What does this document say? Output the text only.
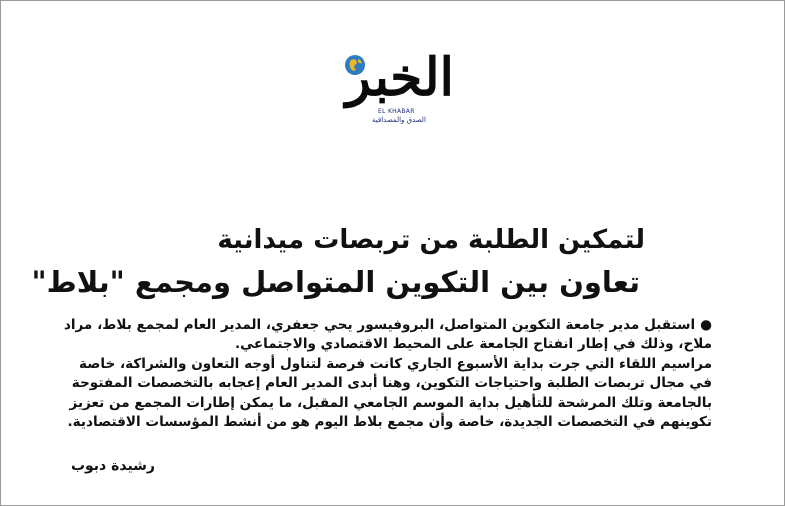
الخبر
EL KHABAR
الصدق والمصداقية
لتمكين الطلبة من تربصات ميدانية
تعاون بين التكوين المتواصل ومجمع "بلاط"

●استقبل مدير جامعة التكوين المتواصل، البروفيسور يحي جعفري، المدير العام لمجمع بلاط، مراد ملاح، وذلك في إطار انفتاح الجامعة على المحيط الاقتصادي والاجتماعي.

مراسيم اللقاء التي جرت بداية الأسبوع الجاري كانت فرصة لتناول أوجه التعاون والشراكة، خاصة في مجال تربصات الطلبة واحتياجات التكوين، وهنا أبدى المدير العام إعجابه بالتخصصات المفتوحة بالجامعة وتلك المرشحة للتأهيل بداية الموسم الجامعي المقبل، ما يمكن إطارات المجمع من تعزيز تكوينهم في التخصصات الجديدة، خاصة وأن مجمع بلاط اليوم هو من أنشط المؤسسات الاقتصادية.

رشيدة دبوب
